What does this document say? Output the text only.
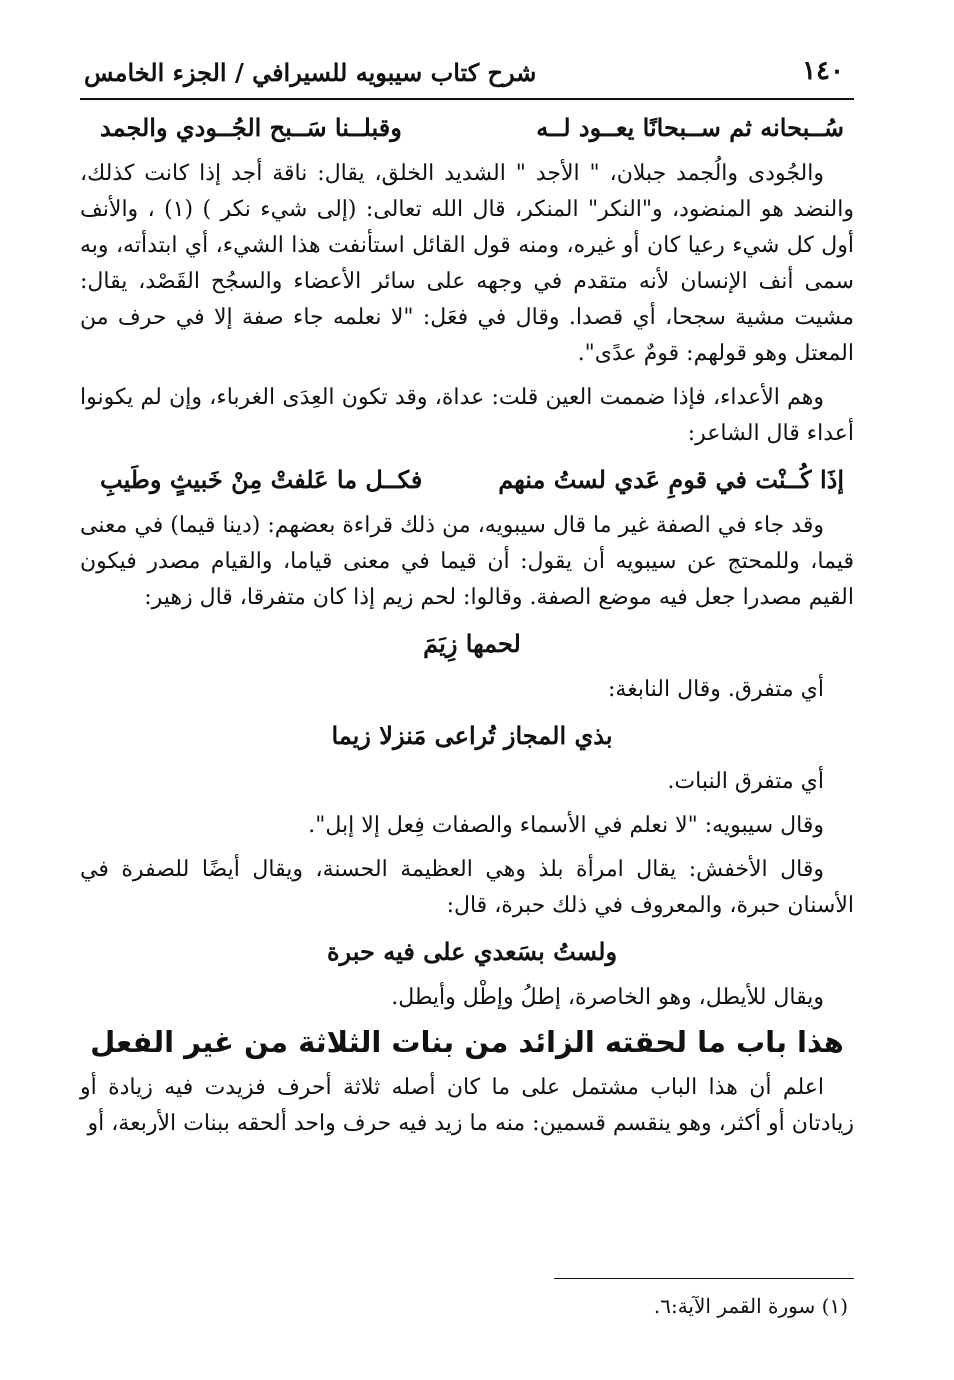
١٤٠
شرح كتاب سيبويه للسيرافي / الجزء الخامس
سُــبحانه ثم ســبحانًا يعــود لــه
وقبلــنا سَــبح الجُــودي والجمد

والجُودى والُجمد جبلان، " الأجد " الشديد الخلق، يقال: ناقة أجد إذا كانت كذلك، والنضد هو المنضود، و"النكر" المنكر، قال الله تعالى: (إلى شيء نكر ) (١) ، والأنف أول كل شيء رعيا كان أو غيره، ومنه قول القائل استأنفت هذا الشيء، أي ابتدأته، وبه سمى أنف الإنسان لأنه متقدم في وجهه على سائر الأعضاء والسجُح القَصْد، يقال: مشيت مشية سجحا، أي قصدا. وقال في فعَل: "لا نعلمه جاء صفة إلا في حرف من المعتل وهو قولهم: قومٌ عدًى".

وهم الأعداء، فإذا ضممت العين قلت: عداة، وقد تكون العِدَى الغرباء، وإن لم يكونوا أعداء قال الشاعر:

إذَا كُــنْت في قومِ عَدي لستُ منهم
فكــل ما عَلفتْ مِنْ خَبيثٍ وطَيبِ

وقد جاء في الصفة غير ما قال سيبويه، من ذلك قراءة بعضهم: (دينا قيما) في معنى قيما، وللمحتج عن سيبويه أن يقول: أن قيما في معنى قياما، والقيام مصدر فيكون القيم مصدرا جعل فيه موضع الصفة. وقالوا: لحم زيم إذا كان متفرقا، قال زهير:

لحمها زِيَمَ

أي متفرق. وقال النابغة:

بذي المجاز تُراعى مَنزلا زيما

أي متفرق النبات.

وقال سيبويه: "لا نعلم في الأسماء والصفات فِعل إلا إبل".

وقال الأخفش: يقال امرأة بلذ وهي العظيمة الحسنة، ويقال أيضًا للصفرة في الأسنان حبرة، والمعروف في ذلك حبرة، قال:

ولستُ بسَعدي على فيه حبرة

ويقال للأيطل، وهو الخاصرة، إطلُ وإطْل وأيطل.

هذا باب ما لحقته الزائد من بنات الثلاثة من غير الفعل

اعلم أن هذا الباب مشتمل على ما كان أصله ثلاثة أحرف فزيدت فيه زيادة أو زيادتان أو أكثر، وهو ينقسم قسمين: منه ما زيد فيه حرف واحد ألحقه ببنات الأربعة، أو

(١) سورة القمر الآية:٦.
